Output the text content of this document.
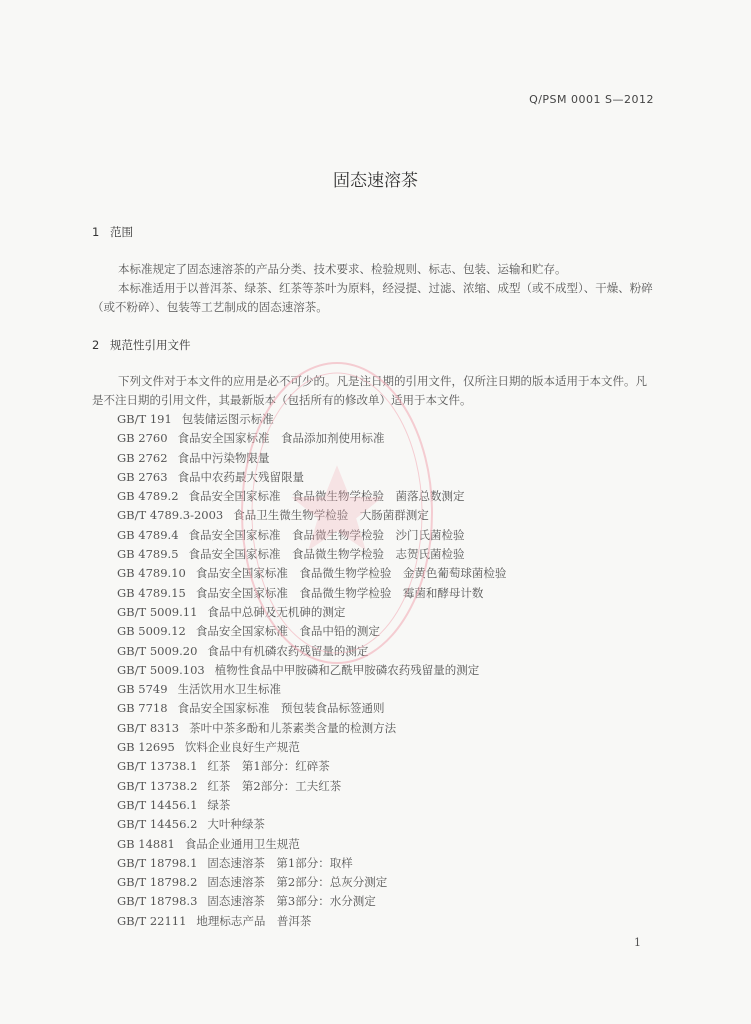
Q/PSM 0001 S—2012
固态速溶茶
1 范围

本标准规定了固态速溶茶的产品分类、技术要求、检验规则、标志、包装、运输和贮存。

本标准适用于以普洱茶、绿茶、红茶等茶叶为原料，经浸提、过滤、浓缩、成型（或不成型）、干燥、粉碎（或不粉碎）、包装等工艺制成的固态速溶茶。

2 规范性引用文件

下列文件对于本文件的应用是必不可少的。凡是注日期的引用文件，仅所注日期的版本适用于本文件。凡是不注日期的引用文件，其最新版本（包括所有的修改单）适用于本文件。

GB/T 191 包装储运图示标准
GB 2760 食品安全国家标准　食品添加剂使用标准
GB 2762 食品中污染物限量
GB 2763 食品中农药最大残留限量
GB 4789.2 食品安全国家标准　食品微生物学检验　菌落总数测定
GB/T 4789.3-2003 食品卫生微生物学检验　大肠菌群测定
GB 4789.4 食品安全国家标准　食品微生物学检验　沙门氏菌检验
GB 4789.5 食品安全国家标准　食品微生物学检验　志贺氏菌检验
GB 4789.10 食品安全国家标准　食品微生物学检验　金黄色葡萄球菌检验
GB 4789.15 食品安全国家标准　食品微生物学检验　霉菌和酵母计数
GB/T 5009.11 食品中总砷及无机砷的测定
GB 5009.12 食品安全国家标准　食品中铅的测定
GB/T 5009.20 食品中有机磷农药残留量的测定
GB/T 5009.103 植物性食品中甲胺磷和乙酰甲胺磷农药残留量的测定
GB 5749 生活饮用水卫生标准
GB 7718 食品安全国家标准　预包装食品标签通则
GB/T 8313 茶叶中茶多酚和儿茶素类含量的检测方法
GB 12695 饮料企业良好生产规范
GB/T 13738.1 红茶　第1部分：红碎茶
GB/T 13738.2 红茶　第2部分：工夫红茶
GB/T 14456.1 绿茶
GB/T 14456.2 大叶种绿茶
GB 14881 食品企业通用卫生规范
GB/T 18798.1 固态速溶茶　第1部分：取样
GB/T 18798.2 固态速溶茶　第2部分：总灰分测定
GB/T 18798.3 固态速溶茶　第3部分：水分测定
GB/T 22111 地理标志产品　普洱茶
1
